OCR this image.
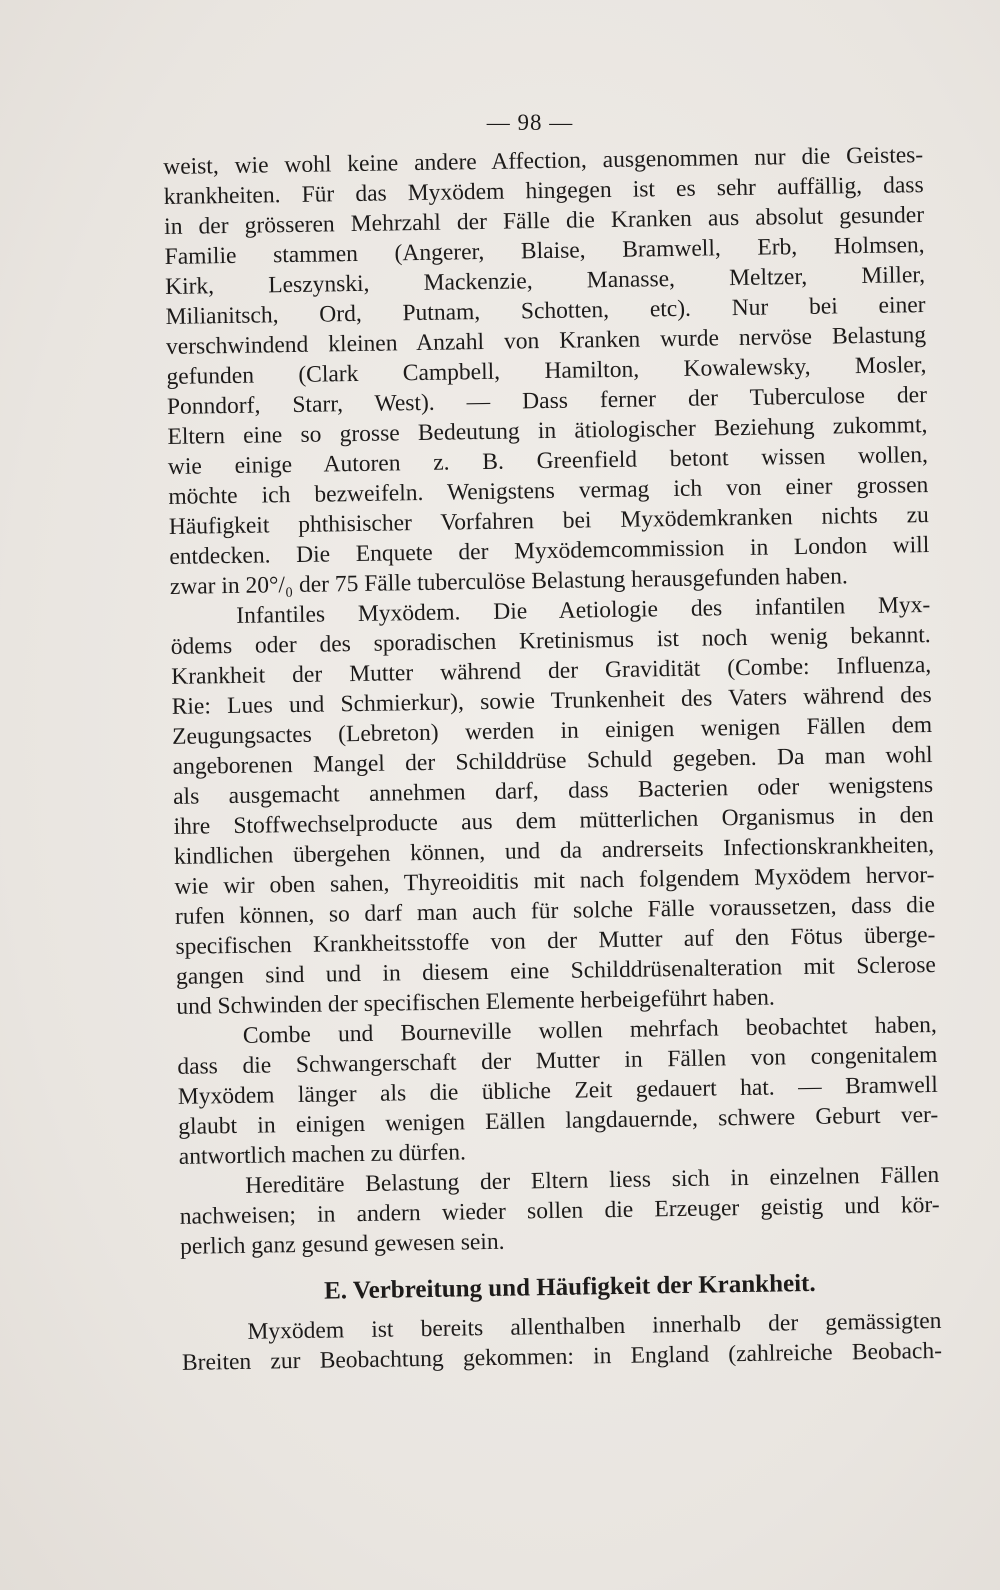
— 98 —
weist, wie wohl keine andere Affection, ausgenommen nur die Geistes-
krankheiten. Für das Myxödem hingegen ist es sehr auffällig, dass
in der grösseren Mehrzahl der Fälle die Kranken aus absolut gesunder
Familie stammen (Angerer, Blaise, Bramwell, Erb, Holmsen,
Kirk, Leszynski, Mackenzie, Manasse, Meltzer, Miller,
Milianitsch, Ord, Putnam, Schotten, etc). Nur bei einer
verschwindend kleinen Anzahl von Kranken wurde nervöse Belastung
gefunden (Clark Campbell, Hamilton, Kowalewsky, Mosler,
Ponndorf, Starr, West). — Dass ferner der Tuberculose der
Eltern eine so grosse Bedeutung in ätiologischer Beziehung zukommt,
wie einige Autoren z. B. Greenfield betont wissen wollen,
möchte ich bezweifeln. Wenigstens vermag ich von einer grossen
Häufigkeit phthisischer Vorfahren bei Myxödemkranken nichts zu
entdecken. Die Enquete der Myxödemcommission in London will
zwar in 20°/₀ der 75 Fälle tuberculöse Belastung herausgefunden haben.
Infantiles Myxödem. Die Aetiologie des infantilen Myx-
ödems oder des sporadischen Kretinismus ist noch wenig bekannt.
Krankheit der Mutter während der Gravidität (Combe: Influenza,
Rie: Lues und Schmierkur), sowie Trunkenheit des Vaters während des
Zeugungsactes (Lebreton) werden in einigen wenigen Fällen dem
angeborenen Mangel der Schilddrüse Schuld gegeben. Da man wohl
als ausgemacht annehmen darf, dass Bacterien oder wenigstens
ihre Stoffwechselproducte aus dem mütterlichen Organismus in den
kindlichen übergehen können, und da andrerseits Infectionskrankheiten,
wie wir oben sahen, Thyreoiditis mit nach folgendem Myxödem hervor-
rufen können, so darf man auch für solche Fälle voraussetzen, dass die
specifischen Krankheitsstoffe von der Mutter auf den Fötus überge-
gangen sind und in diesem eine Schilddrüsenalteration mit Sclerose
und Schwinden der specifischen Elemente herbeigeführt haben.
Combe und Bourneville wollen mehrfach beobachtet haben,
dass die Schwangerschaft der Mutter in Fällen von congenitalem
Myxödem länger als die übliche Zeit gedauert hat. — Bramwell
glaubt in einigen wenigen Eällen langdauernde, schwere Geburt ver-
antwortlich machen zu dürfen.
Hereditäre Belastung der Eltern liess sich in einzelnen Fällen
nachweisen; in andern wieder sollen die Erzeuger geistig und kör-
perlich ganz gesund gewesen sein.
E. Verbreitung und Häufigkeit der Krankheit.
Myxödem ist bereits allenthalben innerhalb der gemässigten
Breiten zur Beobachtung gekommen: in England (zahlreiche Beobach-
